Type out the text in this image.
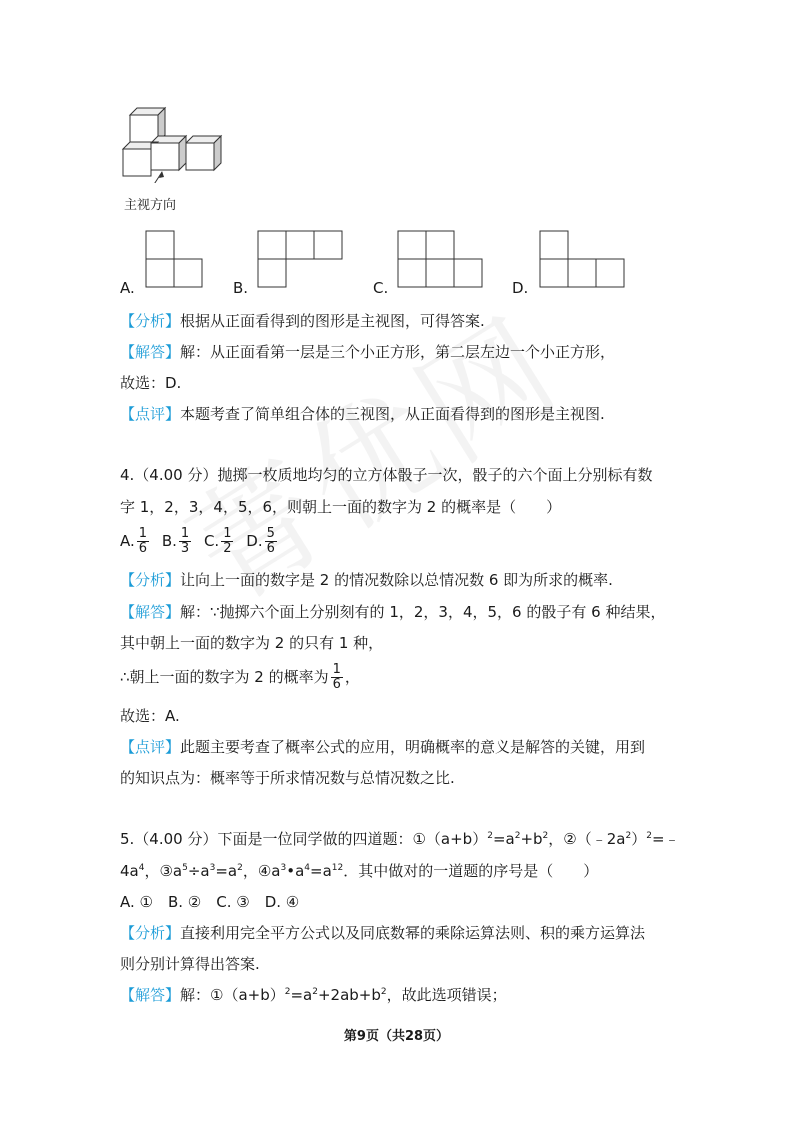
主视方向
A.	B.	C.	D.
【分析】根据从正面看得到的图形是主视图，可得答案.
【解答】解：从正面看第一层是三个小正方形，第二层左边一个小正方形，
故选：D.
【点评】本题考查了简单组合体的三视图，从正面看得到的图形是主视图.
4.（4.00 分）抛掷一枚质地均匀的立方体骰子一次，骰子的六个面上分别标有数
字 1，2，3，4，5，6，则朝上一面的数字为 2 的概率是（　　）
A. $\frac{1}{6} B$. $\frac{1}{3} C$. $\frac{1}{2} D$. $\frac{5}{6}$
【分析】让向上一面的数字是 2 的情况数除以总情况数 6 即为所求的概率.
【解答】解：∵抛掷六个面上分别刻有的 1，2，3，4，5，6 的骰子有 6 种结果，
其中朝上一面的数字为 2 的只有 1 种，
∴朝上一面的数字为 2 的概率为 $\frac{1}{6}$ ，
故选：A.
【点评】此题主要考查了概率公式的应用，明确概率的意义是解答的关键，用到
的知识点为：概率等于所求情况数与总情况数之比.
5.（4.00 分）下面是一位同学做的四道题：$①(a+b)^2=a^2+b^2$，$②(﹣2a^2)^2=﹣$
$4a^4$，$③a^5\div a^3=a^2$，$④a^3•a^4=a^{12}$．其中做对的一道题的序号是（　　）
A. ①　B. ②　C. ③　D. ④
【分析】直接利用完全平方公式以及同底数幂的乘除运算法则、积的乘方运算法
则分别计算得出答案.
【解答】解：$①(a+b)^2=a^2+2ab+b^2$，故此选项错误；
第9页（共28页）
